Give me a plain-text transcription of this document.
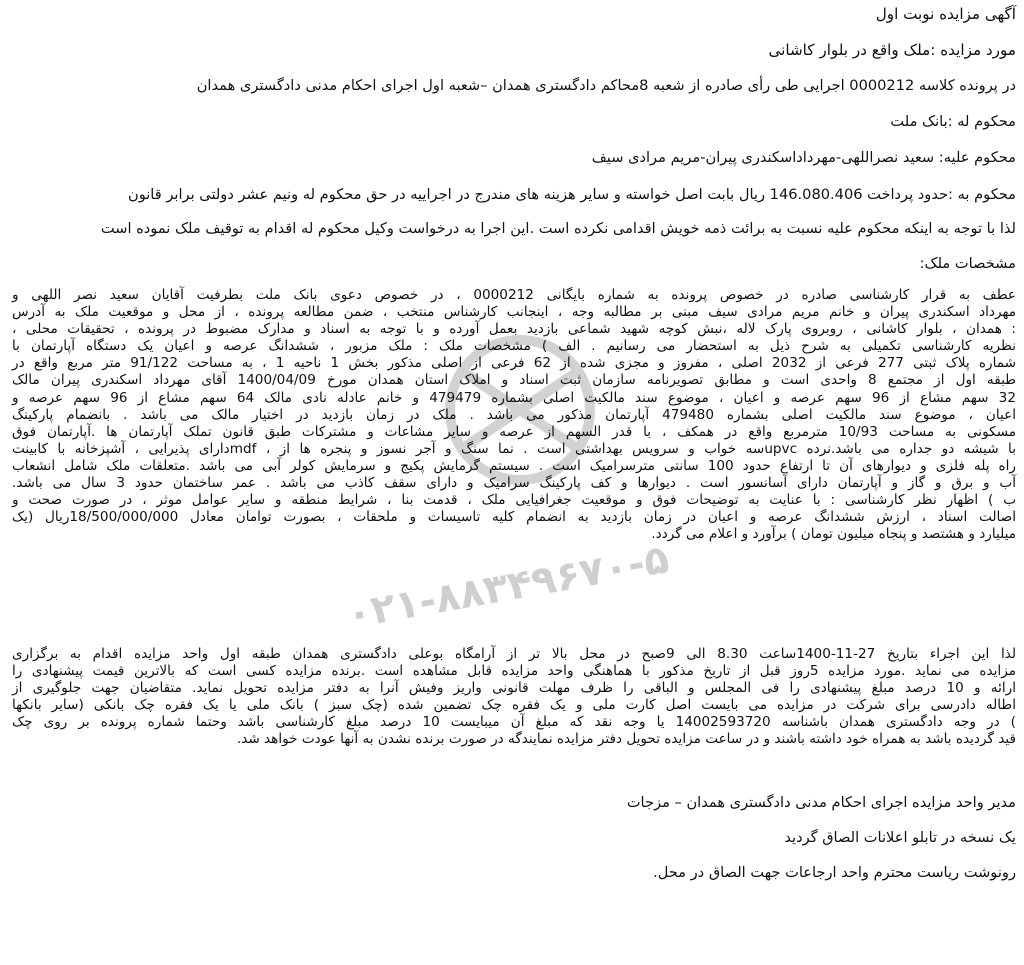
۰۲۱-۸۸۳۴۹۶۷۰-۵
آگهی مزایده نوبت اول
مورد مزایده :ملک واقع در بلوار کاشانی
در پرونده کلاسه 0000212 اجرایی طی رأی صادره از شعبه 8محاکم دادگستری همدان –شعبه اول اجرای احکام مدنی دادگستری همدان
محکوم له :بانک ملت
محکوم علیه: سعید نصراللهی-مهرداداسکندری پیران-مریم مرادی سیف
محکوم به :حدود پرداخت 146.080.406 ریال بابت اصل خواسته و سایر هزینه های مندرج در اجراییه در حق محکوم له ونیم عشر دولتی برابر قانون
لذا با توجه به اینکه محکوم علیه نسبت به برائت ذمه خویش اقدامی نکرده است .این اجرا به درخواست وکیل محکوم له اقدام به توقیف ملک نموده است
مشخصات ملک:
عطف به قرار کارشناسی صادره در خصوص پرونده به شماره بایگانی 0000212 ، در خصوص دعوی بانک ملت بطرفیت آقایان سعید نصر اللهی و
مهرداد اسکندری پیران و خانم مریم مرادی سیف مبنی بر مطالبه وجه ، اینجانب کارشناس منتخب ، ضمن مطالعه پرونده ، از محل و موقعیت ملک به آدرس
: همدان ، بلوار کاشانی ، روبروی پارک لاله ،نبش کوچه شهید شماعی بازدید بعمل آورده و با توجه به اسناد و مدارک مضبوط در پرونده ، تحقیقات محلی ،
نظریه کارشناسی تکمیلی به شرح ذیل به استحضار می رسانیم . الف ) مشخصات ملک : ملک مزبور ، ششدانگ عرصه و اعیان یک دستگاه آپارتمان با
شماره پلاک ثبتی 277 فرعی از 2032 اصلی ، مفروز و مجزی شده از 62 فرعی از اصلی مذکور بخش 1 ناحیه 1 ، به مساحت 91/122 متر مربع واقع در
طبقه اول از مجتمع 8 واحدی است و مطابق تصویرنامه سازمان ثبت اسناد و املاک استان همدان مورخ 1400/04/09 آقای مهرداد اسکندری پیران مالک
32 سهم مشاع از 96 سهم عرصه و اعیان ، موضوع سند مالکیت اصلی بشماره 479479 و خانم عادله نادی مالک 64 سهم مشاع از 96 سهم عرصه و
اعیان ، موضوع سند مالکیت اصلی بشماره 479480 آپارتمان مذکور می باشد . ملک در زمان بازدید در اختیار مالک می باشد . بانضمام پارکینگ
مسکونی به مساحت 10/93 مترمربع واقع در همکف ، با قدر السهم از عرصه و سایر مشاعات و مشترکات طبق قانون تملک آپارتمان ها .آپارتمان فوق
با شیشه دو جداره می باشد.نرده upvcسه خواب و سرویس بهداشتی است . نما سنگ و آجر نسوز و پنجره ها از ، mdfدارای پذیرایی ، آشپزخانه با کابینت
راه پله فلزی و دیوارهای آن تا ارتفاع حدود 100 سانتی مترسرامیک است . سیستم گرمایش پکیج و سرمایش کولر آبی می باشد .متعلقات ملک شامل انشعاب
آب و برق و گاز و آپارتمان دارای آسانسور است . دیوارها و کف پارکینگ سرامیک و دارای سقف کاذب می باشد . عمر ساختمان حدود 3 سال می باشد.
ب ) اظهار نظر کارشناسی : با عنایت به توضیحات فوق و موقعیت جغرافیایی ملک ، قدمت بنا ، شرایط منطقه و سایر عوامل موثر ، در صورت صحت و
اصالت اسناد ، ارزش ششدانگ عرصه و اعیان در زمان بازدید به انضمام کلیه تاسیسات و ملحقات ، بصورت توامان معادل 18/500/000/000ریال (یک
میلیارد و هشتصد و پنجاه میلیون تومان ) برآورد و اعلام می گردد.
لذا این اجراء بتاریخ 27-11-1400ساعت 8.30 الی 9صبح در محل بالا تر از آرامگاه بوعلی دادگستری همدان طبقه اول واحد مزایده اقدام به برگزاری
مزایده می نماید .مورد مزایده 5روز قبل از تاریخ مذکور با هماهنگی واحد مزایده قابل مشاهده است .برنده مزایده کسی است که بالاترین قیمت پیشنهادی را
ارائه و 10 درصد مبلغ پیشنهادی را فی المجلس و الباقی را ظرف مهلت قانونی واریز وفیش آنرا به دفتر مزایده تحویل نماید. متقاضیان جهت جلوگیری از
اطاله دادرسی برای شرکت در مزایده می بایست اصل کارت ملی و یک فقره چک تضمین شده (چک سبز ) بانک ملی یا یک فقره چک بانکی (سایر بانکها
) در وجه دادگستری همدان باشناسه 14002593720 یا وجه نقد که مبلغ آن میبایست 10 درصد مبلغ کارشناسی باشد وحتما شماره پرونده بر روی چک
قید گردیده باشد به همراه خود داشته باشند و در ساعت مزایده تحویل دفتر مزایده نمایندگه در صورت برنده نشدن به آنها عودت خواهد شد.
مدیر واحد مزایده اجرای احکام مدنی دادگستری همدان – مزجات
یک نسخه در تابلو اعلانات الصاق گردید
رونوشت ریاست محترم واحد ارجاعات جهت الصاق در محل.
